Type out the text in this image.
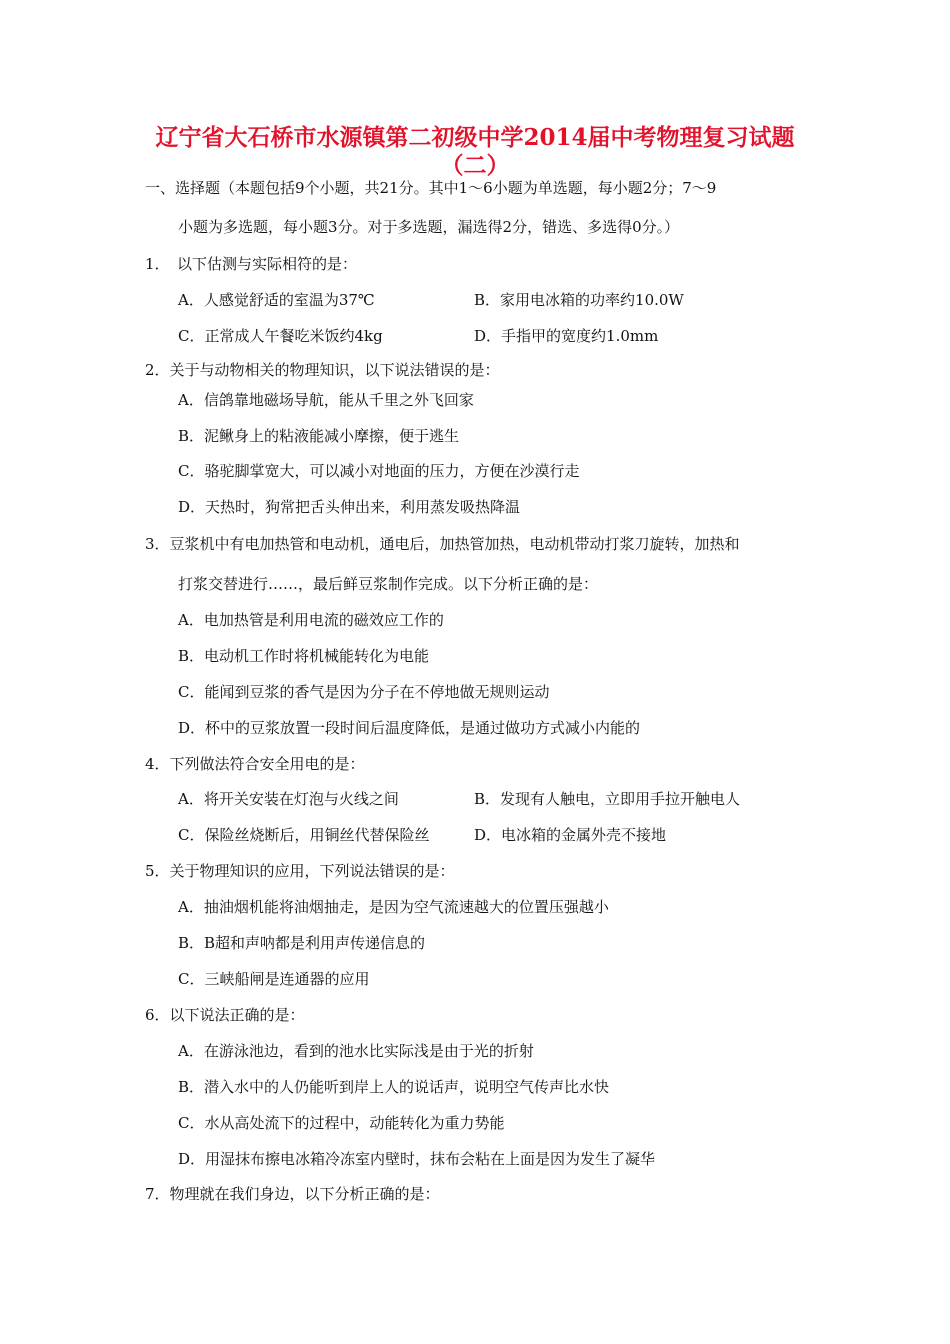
辽宁省大石桥市水源镇第二初级中学2014届中考物理复习试题
（二）
一、选择题（本题包括9个小题，共21分。其中1～6小题为单选题，每小题2分；7～9
小题为多选题，每小题3分。对于多选题，漏选得2分，错选、多选得0分。）
1．　以下估测与实际相符的是：
A．人感觉舒适的室温为37℃	B．家用电冰箱的功率约10.0W
C．正常成人午餐吃米饭约4kg	D．手指甲的宽度约1.0mm
2．关于与动物相关的物理知识，以下说法错误的是：
A．信鸽靠地磁场导航，能从千里之外飞回家
B．泥鳅身上的粘液能减小摩擦，便于逃生
C．骆驼脚掌宽大，可以减小对地面的压力，方便在沙漠行走
D．天热时，狗常把舌头伸出来，利用蒸发吸热降温
3．豆浆机中有电加热管和电动机，通电后，加热管加热，电动机带动打浆刀旋转，加热和
打浆交替进行……，最后鲜豆浆制作完成。以下分析正确的是：
A．电加热管是利用电流的磁效应工作的
B．电动机工作时将机械能转化为电能
C．能闻到豆浆的香气是因为分子在不停地做无规则运动
D．杯中的豆浆放置一段时间后温度降低，是通过做功方式减小内能的
4．下列做法符合安全用电的是：
A．将开关安装在灯泡与火线之间	B．发现有人触电，立即用手拉开触电人
C．保险丝烧断后，用铜丝代替保险丝	D．电冰箱的金属外壳不接地
5．关于物理知识的应用，下列说法错误的是：
A．抽油烟机能将油烟抽走，是因为空气流速越大的位置压强越小
B．B超和声呐都是利用声传递信息的
C．三峡船闸是连通器的应用
6．以下说法正确的是：
A．在游泳池边，看到的池水比实际浅是由于光的折射
B．潜入水中的人仍能听到岸上人的说话声，说明空气传声比水快
C．水从高处流下的过程中，动能转化为重力势能
D．用湿抹布擦电冰箱冷冻室内壁时，抹布会粘在上面是因为发生了凝华
7．物理就在我们身边，以下分析正确的是：
